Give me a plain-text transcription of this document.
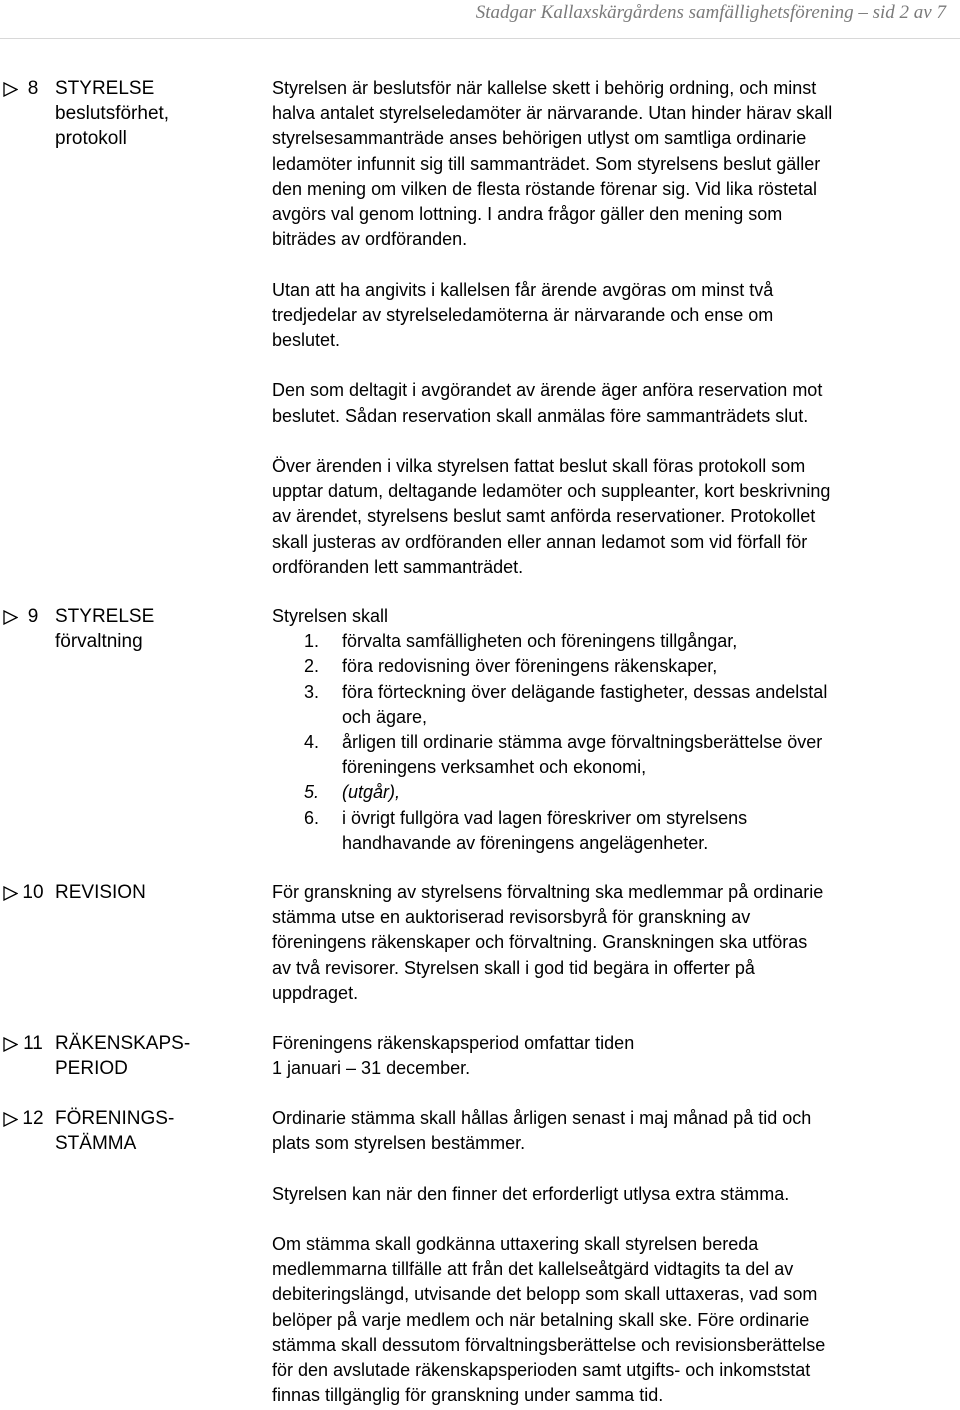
Stadgar Kallaxskärgårdens samfällighetsförening – sid 2 av 7
8 STYRELSE
beslutsförhet,
protokoll

Styrelsen är beslutsför när kallelse skett i behörig ordning, och minst
halva antalet styrelseledamöter är närvarande. Utan hinder härav skall
styrelsesammanträde anses behörigen utlyst om samtliga ordinarie
ledamöter infunnit sig till sammanträdet. Som styrelsens beslut gäller
den mening om vilken de flesta röstande förenar sig. Vid lika röstetal
avgörs val genom lottning. I andra frågor gäller den mening som
biträdes av ordföranden.

Utan att ha angivits i kallelsen får ärende avgöras om minst två
tredjedelar av styrelseledamöterna är närvarande och ense om
beslutet.

Den som deltagit i avgörandet av ärende äger anföra reservation mot
beslutet. Sådan reservation skall anmälas före sammanträdets slut.

Över ärenden i vilka styrelsen fattat beslut skall föras protokoll som
upptar datum, deltagande ledamöter och suppleanter, kort beskrivning
av ärendet, styrelsens beslut samt anförda reservationer. Protokollet
skall justeras av ordföranden eller annan ledamot som vid förfall för
ordföranden lett sammanträdet.

9 STYRELSE
förvaltning
Styrelsen skall
1.	förvalta samfälligheten och föreningens tillgångar,
2.	föra redovisning över föreningens räkenskaper,
3.	föra förteckning över delägande fastigheter, dessas andelstal
och ägare,
4.	årligen till ordinarie stämma avge förvaltningsberättelse över
föreningens verksamhet och ekonomi,
5.	(utgår),
6.	i övrigt fullgöra vad lagen föreskriver om styrelsens
handhavande av föreningens angelägenheter.
10 REVISION	För granskning av styrelsens förvaltning ska medlemmar på ordinarie
stämma utse en auktoriserad revisorsbyrå för granskning av
föreningens räkenskaper och förvaltning. Granskningen ska utföras
av två revisorer. Styrelsen skall i god tid begära in offerter på
uppdraget.

11 RÄKENSKAPS-
PERIOD

Föreningens räkenskapsperiod omfattar tiden
1 januari – 31 december.

12 FÖRENINGS-
STÄMMA

Ordinarie stämma skall hållas årligen senast i maj månad på tid och
plats som styrelsen bestämmer.

Styrelsen kan när den finner det erforderligt utlysa extra stämma.

Om stämma skall godkänna uttaxering skall styrelsen bereda
medlemmarna tillfälle att från det kallelseåtgärd vidtagits ta del av
debiteringslängd, utvisande det belopp som skall uttaxeras, vad som
belöper på varje medlem och när betalning skall ske. Före ordinarie
stämma skall dessutom förvaltningsberättelse och revisionsberättelse
för den avslutade räkenskapsperioden samt utgifts- och inkomststat
finnas tillgänglig för granskning under samma tid.
